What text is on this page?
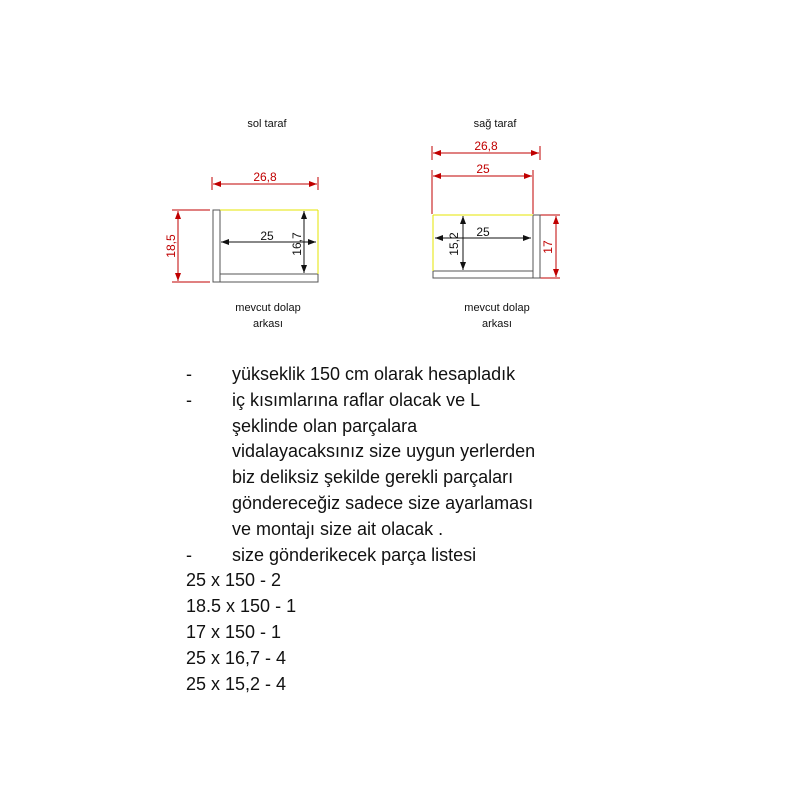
sol taraf
26,8
18,5	25 16,7
mevcut dolap
arkası
sağ taraf
26,8
25
17
25
15,2
mevcut dolap
arkası
-	yükseklik 150 cm olarak hesapladık
-	iç kısımlarına raflar olacak ve L
şeklinde olan parçalara
vidalayacaksınız size uygun yerlerden
biz deliksiz şekilde gerekli parçaları
göndereceğiz sadece size ayarlaması
ve montajı size ait olacak .
-	size gönderikecek parça listesi
25 x 150 - 2
18.5 x 150 - 1
17 x 150 - 1
25 x 16,7 - 4
25 x 15,2 - 4
